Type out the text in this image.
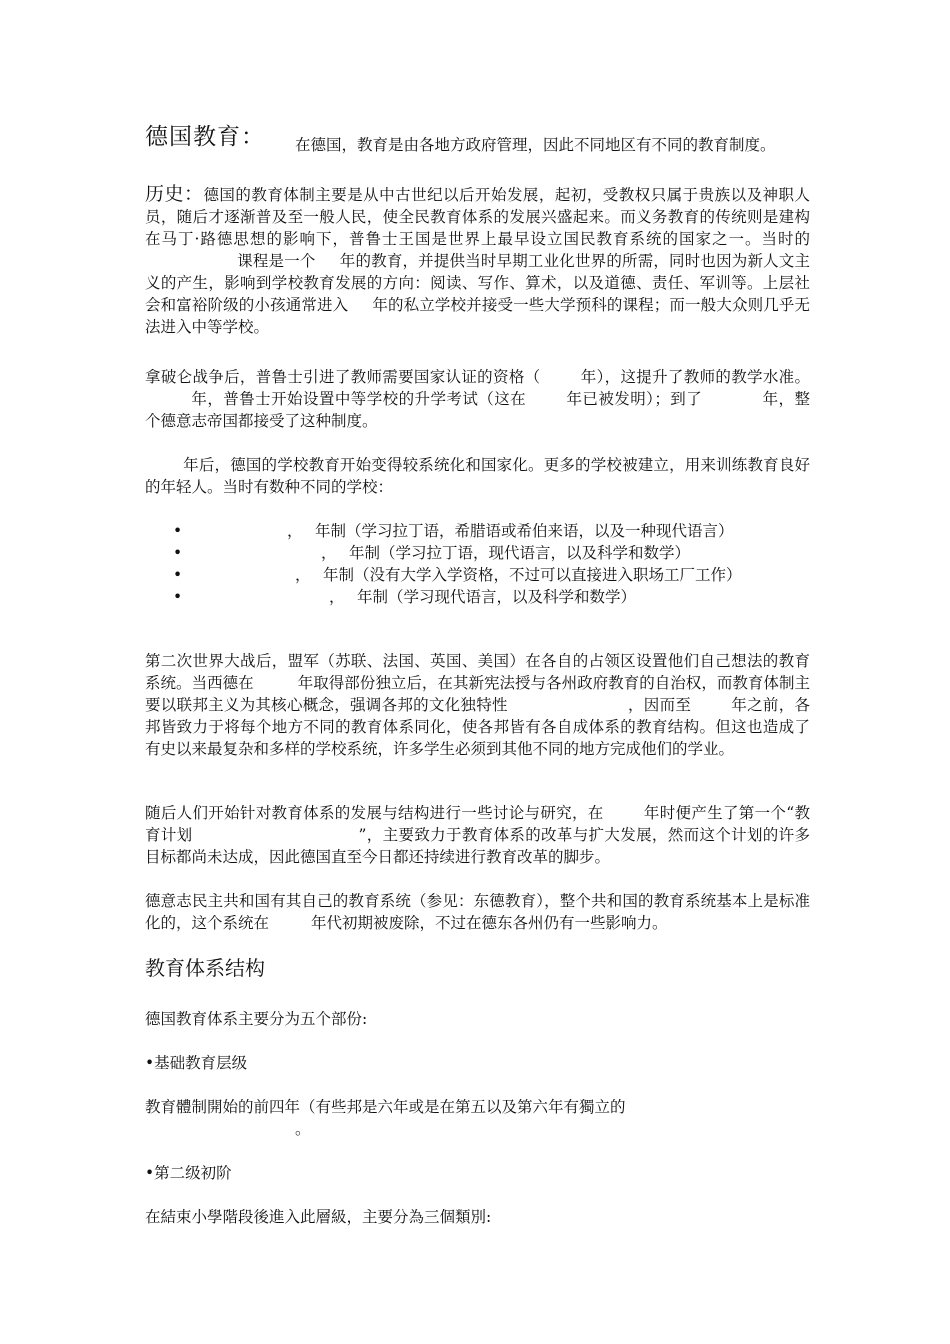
德国教育： 在德国，教育是由各地方政府管理，因此不同地区有不同的教育制度。
历史：德国的教育体制主要是从中古世纪以后开始发展，起初，受教权只属于贵族以及神职人员，随后才逐渐普及至一般人民，使全民教育体系的发展兴盛起来。而义务教育的传统则是建构在马丁·路德思想的影响下，普鲁士王国是世界上最早设立国民教育系统的国家之一。当时的课程是一个 年的教育，并提供当时早期工业化世界的所需，同时也因为新人文主义的产生，影响到学校教育发展的方向：阅读、写作、算术，以及道德、责任、军训等。上层社会和富裕阶级的小孩通常进入 年的私立学校并接受一些大学预科的课程；而一般大众则几乎无法进入中等学校。
拿破仑战争后，普鲁士引进了教师需要国家认证的资格（	年），这提升了教师的教学水准。年，普鲁士开始设置中等学校的升学考试（这在	年已被发明）；到了	年，整个德意志帝国都接受了这种制度。
年后，德国的学校教育开始变得较系统化和国家化。更多的学校被建立，用来训练教育良好的年轻人。当时有数种不同的学校：
•	， 年制（学习拉丁语，希腊语或希伯来语，以及一种现代语言）
•	， 年制（学习拉丁语，现代语言，以及科学和数学）
•	， 年制（没有大学入学资格，不过可以直接进入职场工厂工作）
•	， 年制（学习现代语言，以及科学和数学）
第二次世界大战后，盟军（苏联、法国、英国、美国）在各自的占领区设置他们自己想法的教育系统。当西德在	年取得部份独立后，在其新宪法授与各州政府教育的自治权，而教育体制主要以联邦主义为其核心概念，强调各邦的文化独特性	，因而至	年之前，各邦皆致力于将每个地方不同的教育体系同化，使各邦皆有各自成体系的教育结构。但这也造成了有史以来最复杂和多样的学校系统，许多学生必须到其他不同的地方完成他们的学业。
随后人们开始针对教育体系的发展与结构进行一些讨论与研究，在	年时便产生了第一个“教育计划	”，主要致力于教育体系的改革与扩大发展，然而这个计划的许多目标都尚未达成，因此德国直至今日都还持续进行教育改革的脚步。
德意志民主共和国有其自己的教育系统（参见：东德教育），整个共和国的教育系统基本上是标准化的，这个系统在	年代初期被废除，不过在德东各州仍有一些影响力。
教育体系结构
德国教育体系主要分为五个部份:
•基础教育层级
教育體制開始的前四年（有些邦是六年或是在第五以及第六年有獨立的
。
•第二级初阶
在結束小學階段後進入此層級，主要分為三個類別:
